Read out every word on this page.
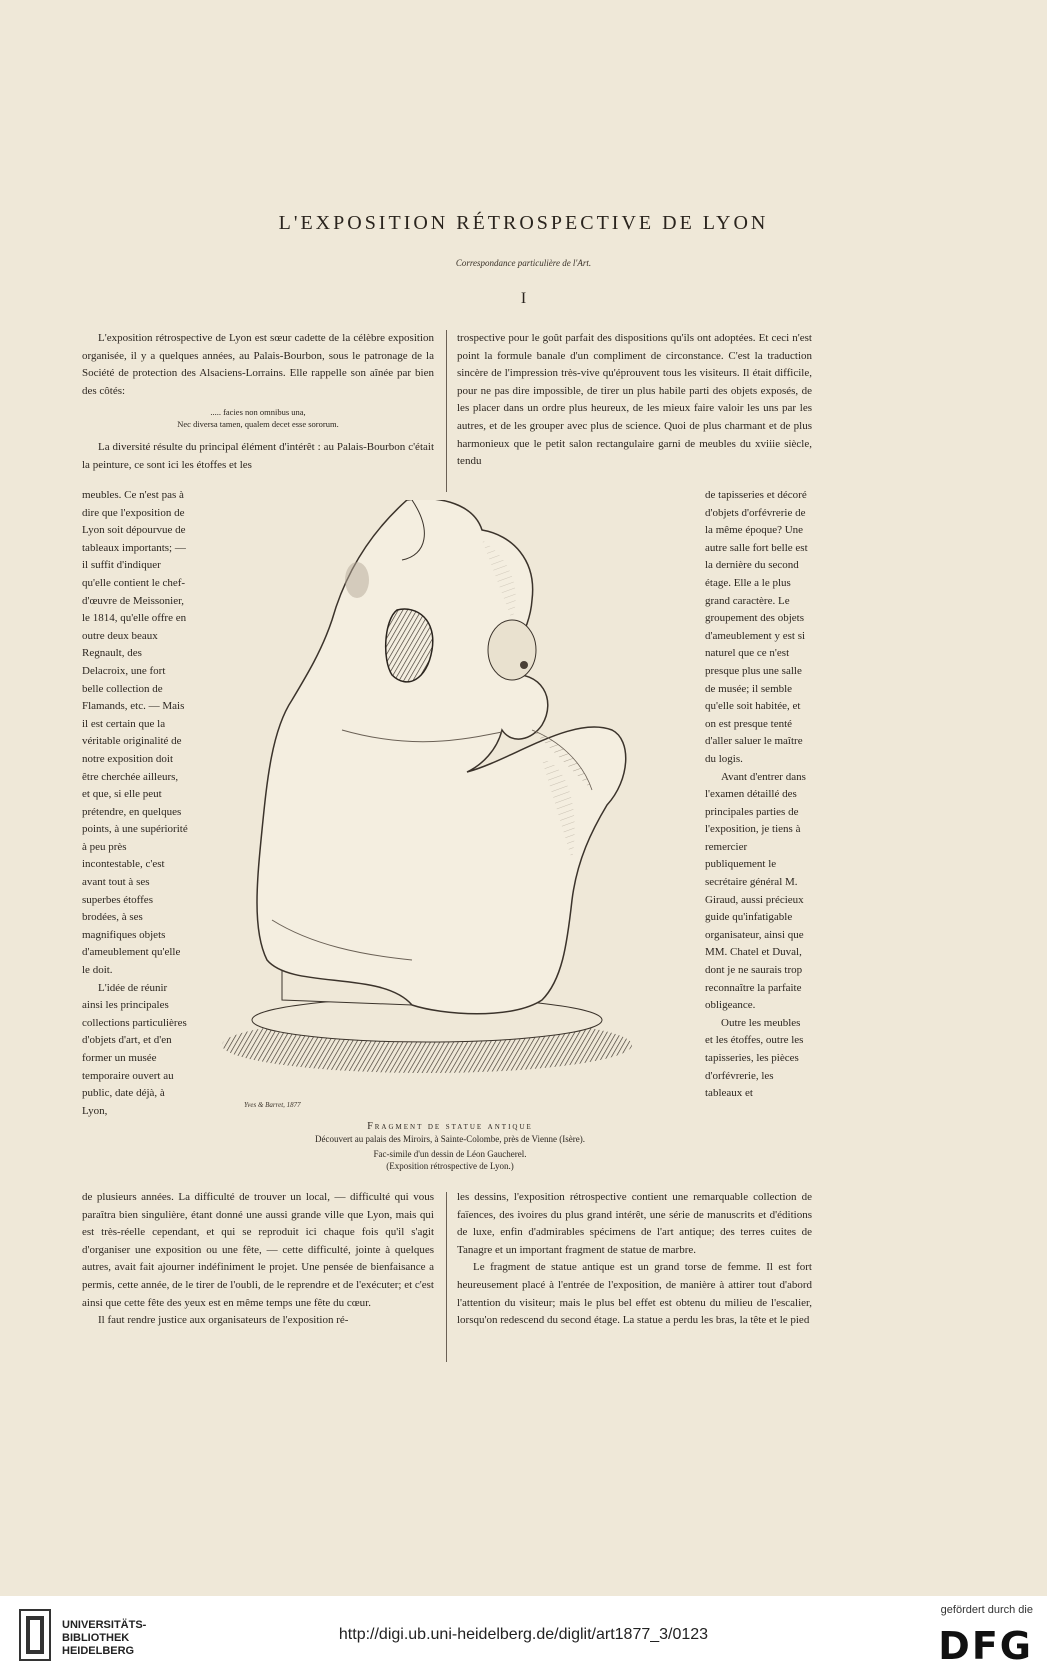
L'EXPOSITION RÉTROSPECTIVE DE LYON
Correspondance particulière de l'Art.
I

L'exposition rétrospective de Lyon est sœur cadette de la célèbre exposition organisée, il y a quelques années, au Palais-Bourbon, sous le patronage de la Société de protection des Alsaciens-Lorrains. Elle rappelle son aînée par bien des côtés:

..... facies non omnibus una,
Nec diversa tamen, qualem decet esse sororum.

La diversité résulte du principal élément d'intérêt : au Palais-Bourbon c'était la peinture, ce sont ici les étoffes et les

trospective pour le goût parfait des dispositions qu'ils ont adoptées. Et ceci n'est point la formule banale d'un compliment de circonstance. C'est la traduction sincère de l'impression très-vive qu'éprouvent tous les visiteurs. Il était difficile, pour ne pas dire impossible, de tirer un plus habile parti des objets exposés, de les placer dans un ordre plus heureux, de les mieux faire valoir les uns par les autres, et de les grouper avec plus de science. Quoi de plus charmant et de plus harmonieux que le petit salon rectangulaire garni de meubles du xviiie siècle, tendu

meubles. Ce n'est pas à dire que l'exposition de Lyon soit dépourvue de tableaux importants; — il suffit d'indiquer qu'elle contient le chef-d'œuvre de Meissonier, le 1814, qu'elle offre en outre deux beaux Regnault, des Delacroix, une fort belle collection de Flamands, etc. — Mais il est certain que la véritable originalité de notre exposition doit être cherchée ailleurs, et que, si elle peut prétendre, en quelques points, à une supériorité à peu près incontestable, c'est avant tout à ses superbes étoffes brodées, à ses magnifiques objets d'ameublement qu'elle le doit.

L'idée de réunir ainsi les principales collections particulières d'objets d'art, et d'en former un musée temporaire ouvert au public, date déjà, à Lyon,

de tapisseries et décoré d'objets d'orfévrerie de la même époque? Une autre salle fort belle est la dernière du second étage. Elle a le plus grand caractère. Le groupement des objets d'ameublement y est si naturel que ce n'est presque plus une salle de musée; il semble qu'elle soit habitée, et on est presque tenté d'aller saluer le maître du logis.

Avant d'entrer dans l'examen détaillé des principales parties de l'exposition, je tiens à remercier publiquement le secrétaire général M. Giraud, aussi précieux guide qu'infatigable organisateur, ainsi que MM. Chatel et Duval, dont je ne saurais trop reconnaître la parfaite obligeance.

Outre les meubles et les étoffes, outre les tapisseries, les pièces d'orfévrerie, les tableaux et

Yves & Barret, 1877
Fragment de statue antique
Découvert au palais des Miroirs, à Sainte-Colombe, près de Vienne (Isère).
Fac-simile d'un dessin de Léon Gaucherel.
(Exposition rétrospective de Lyon.)

de plusieurs années. La difficulté de trouver un local, — difficulté qui vous paraîtra bien singulière, étant donné une aussi grande ville que Lyon, mais qui est très-réelle cependant, et qui se reproduit ici chaque fois qu'il s'agit d'organiser une exposition ou une fête, — cette difficulté, jointe à quelques autres, avait fait ajourner indéfiniment le projet. Une pensée de bienfaisance a permis, cette année, de le tirer de l'oubli, de le reprendre et de l'exécuter; et c'est ainsi que cette fête des yeux est en même temps une fête du cœur.

Il faut rendre justice aux organisateurs de l'exposition ré-

les dessins, l'exposition rétrospective contient une remarquable collection de faïences, des ivoires du plus grand intérêt, une série de manuscrits et d'éditions de luxe, enfin d'admirables spécimens de l'art antique; des terres cuites de Tanagre et un important fragment de statue de marbre.

Le fragment de statue antique est un grand torse de femme. Il est fort heureusement placé à l'entrée de l'exposition, de manière à attirer tout d'abord l'attention du visiteur; mais le plus bel effet est obtenu du milieu de l'escalier, lorsqu'on redescend du second étage. La statue a perdu les bras, la tête et le pied

UNIVERSITÄTS-
BIBLIOTHEK
HEIDELBERG
http://digi.ub.uni-heidelberg.de/diglit/art1877_3/0123
gefördert durch die
DFG
